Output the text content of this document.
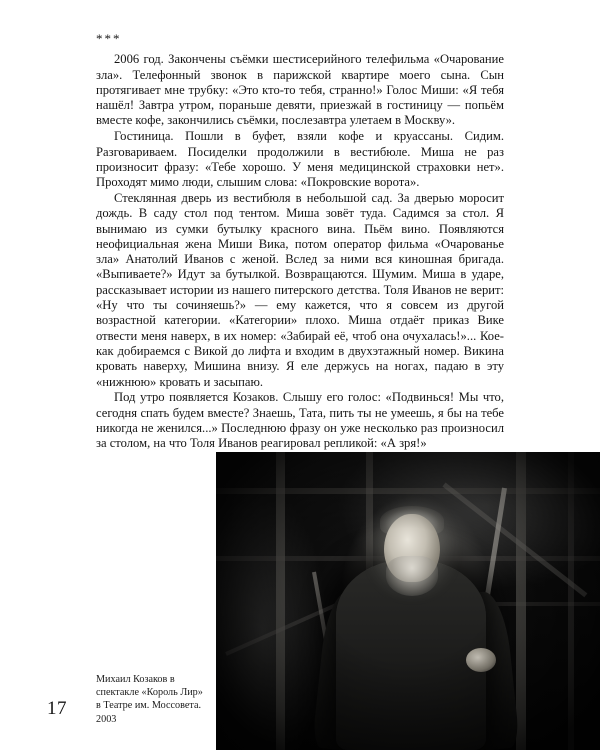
***

2006 год. Закончены съёмки шестисерийного телефильма «Очарование зла». Телефонный звонок в парижской квартире моего сына. Сын протягивает мне трубку: «Это кто-то тебя, странно!» Голос Миши: «Я тебя нашёл! Завтра утром, пораньше девяти, приезжай в гостиницу — попьём вместе кофе, закончились съёмки, послезавтра улетаем в Москву».

Гостиница. Пошли в буфет, взяли кофе и круассаны. Сидим. Разговариваем. Посиделки продолжили в вестибюле. Миша не раз произносит фразу: «Тебе хорошо. У меня медицинской страховки нет». Проходят мимо люди, слышим слова: «Покровские ворота».

Стеклянная дверь из вестибюля в небольшой сад. За дверью моросит дождь. В саду стол под тентом. Миша зовёт туда. Садимся за стол. Я вынимаю из сумки бутылку красного вина. Пьём вино. Появляются неофициальная жена Миши Вика, потом оператор фильма «Очарованье зла» Анатолий Иванов с женой. Вслед за ними вся киношная бригада. «Выпиваете?» Идут за бутылкой. Возвращаются. Шумим. Миша в ударе, рассказывает истории из нашего питерского детства. Толя Иванов не верит: «Ну что ты сочиняешь?» — ему кажется, что я совсем из другой возрастной категории. «Категории» плохо. Миша отдаёт приказ Вике отвести меня наверх, в их номер: «Забирай её, чтоб она очухалась!»... Кое-как добираемся с Викой до лифта и входим в двухэтажный номер. Викина кровать наверху, Мишина внизу. Я еле держусь на ногах, падаю в эту «нижнюю» кровать и засыпаю.

Под утро появляется Козаков. Слышу его голос: «Подвинься! Мы что, сегодня спать будем вместе? Знаешь, Тата, пить ты не умеешь, я бы на тебе никогда не женился...» Последнюю фразу он уже несколько раз произносил за столом, на что Толя Иванов реагировал репликой: «А зря!»

Михаил Козаков в спектакле «Король Лир» в Театре им. Моссовета. 2003
17
